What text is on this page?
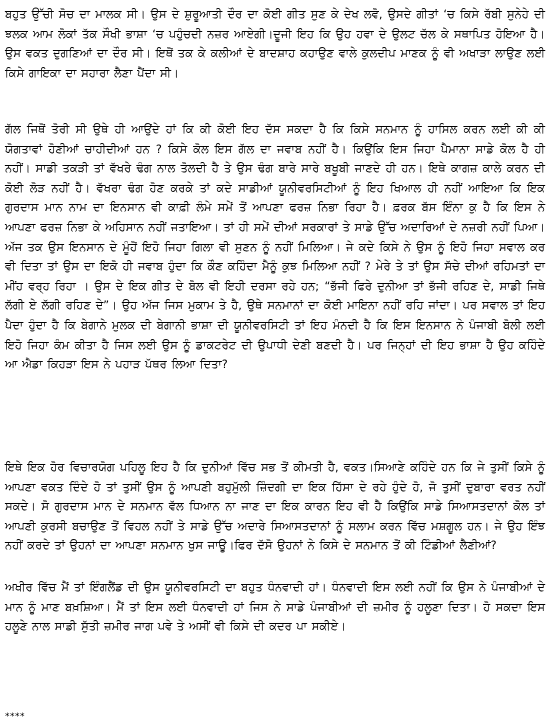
ਬਹੁਤ ਉੱਚੀ ਸੋਚ ਦਾ ਮਾਲਕ ਸੀ। ਉਸ ਦੇ ਸ਼ੁਰੂਆਤੀ ਦੌਰ ਦਾ ਕੋਈ ਗੀਤ ਸੁਣ ਕੇ ਦੇਖ ਲਵੋ, ਉਸਦੇ ਗੀਤਾਂ ‘ਚ ਕਿਸੇ ਰੱਬੀ ਸੁਨੇਹੇ ਦੀ ਝਲਕ ਆਮ ਲੋਕਾਂ ਤੱਕ ਸੌਖੀ ਭਾਸ਼ਾ ‘ਚ ਪਹੁੰਚਦੀ ਨਜ਼ਰ ਆਏਗੀ।ਦੂਜੀ ਇਹ ਕਿ ਉਹ ਹਵਾ ਦੇ ਉਲਟ ਚੱਲ ਕੇ ਸਥਾਪਿਤ ਹੋਇਆ ਹੈ। ਉਸ ਵਕਤ ਦੁਗਣਿਆਂ ਦਾ ਦੌਰ ਸੀ। ਇਥੋਂ ਤਕ ਕੇ ਕਲੀਆਂ ਦੇ ਬਾਦਸ਼ਾਹ ਕਹਾਉਣ ਵਾਲੇ ਕੁਲਦੀਪ ਮਾਣਕ ਨੂੰ ਵੀ ਅਖਾੜਾ ਲਾਉਣ ਲਈ ਕਿਸੇ ਗਾਇਕਾ ਦਾ ਸਹਾਰਾ ਲੈਣਾ ਪੈਂਦਾ ਸੀ।
ਗੱਲ ਜਿਥੋਂ ਤੋਰੀ ਸੀ ਉਥੇ ਹੀ ਆਉਂਦੇ ਹਾਂ ਕਿ ਕੀ ਕੋਈ ਇਹ ਦੱਸ ਸਕਦਾ ਹੈ ਕਿ ਕਿਸੇ ਸਨਮਾਨ ਨੂੰ ਹਾਸਿਲ ਕਰਨ ਲਈ ਕੀ ਕੀ ਯੋਗਤਾਵਾਂ ਹੋਣੀਆਂ ਚਾਹੀਦੀਆਂ ਹਨ ? ਕਿਸੇ ਕੋਲ ਇਸ ਗੱਲ ਦਾ ਜਵਾਬ ਨਹੀਂ ਹੈ। ਕਿਉਂਕਿ ਇਸ ਜਿਹਾ ਪੈਮਾਨਾ ਸਾਡੇ ਕੋਲ ਹੈ ਹੀ ਨਹੀਂ। ਸਾਡੀ ਤਕੜੀ ਤਾਂ ਵੱਖਰੇ ਢੰਗ ਨਾਲ ਤੋਲਦੀ ਹੈ ਤੇ ਉਸ ਢੰਗ ਬਾਰੇ ਸਾਰੇ ਬਖੂਬੀ ਜਾਣਦੇ ਹੀ ਹਨ। ਇਥੇ ਕਾਗਜ਼ ਕਾਲੇ ਕਰਨ ਦੀ ਕੋਈ ਲੋੜ ਨਹੀਂ ਹੈ। ਵੱਖਰਾ ਢੰਗ ਹੋਣ ਕਰਕੇ ਤਾਂ ਕਦੇ ਸਾਡੀਆਂ ਯੂਨੀਵਰਸਿਟੀਆਂ ਨੂੰ ਇਹ ਖਿਆਲ ਹੀ ਨਹੀਂ ਆਇਆ ਕਿ ਇਕ ਗੁਰਦਾਸ ਮਾਨ ਨਾਮ ਦਾ ਇਨਸਾਨ ਵੀ ਕਾਫ਼ੀ ਲੰਮੇ ਸਮੇਂ ਤੋਂ ਆਪਣਾ ਫਰਜ਼ ਨਿਭਾ ਰਿਹਾ ਹੈ। ਫ਼ਰਕ ਬੱਸ ਇੰਨਾ ਕੁ ਹੈ ਕਿ ਇਸ ਨੇ ਆਪਣਾ ਫਰਜ਼ ਨਿਭਾ ਕੇ ਅਹਿਸਾਨ ਨਹੀਂ ਜਤਾਇਆ। ਤਾਂ ਹੀ ਸਮੇਂ ਦੀਆਂ ਸਰਕਾਰਾਂ ਤੇ ਸਾਡੇ ਉੱਚ ਅਦਾਰਿਆਂ ਦੇ ਨਜ਼ਰੀ ਨਹੀਂ ਪਿਆ। ਅੱਜ ਤਕ ਉਸ ਇਨਸਾਨ ਦੇ ਮੂੰਹੋਂ ਇਹੋ ਜਿਹਾ ਗਿਲਾ ਵੀ ਸੁਣਨ ਨੂੰ ਨਹੀਂ ਮਿਲਿਆ। ਜੇ ਕਦੇ ਕਿਸੇ ਨੇ ਉਸ ਨੂੰ ਇਹੋ ਜਿਹਾ ਸਵਾਲ ਕਰ ਵੀ ਦਿਤਾ ਤਾਂ ਉਸ ਦਾ ਇਕੋ ਹੀ ਜਵਾਬ ਹੁੰਦਾ ਕਿ ਕੌਣ ਕਹਿੰਦਾ ਮੈਨੂੰ ਕੁਝ ਮਿਲਿਆ ਨਹੀਂ ? ਮੇਰੇ ਤੇ ਤਾਂ ਉਸ ਸੱਚੇ ਦੀਆਂ ਰਹਿਮਤਾਂ ਦਾ ਮੀਂਹ ਵਰ੍ਹ ਰਿਹਾ । ਉਸ ਦੇ ਇਕ ਗੀਤ ਦੇ ਬੋਲ ਵੀ ਇਹੀ ਦਰਸਾ ਰਹੇ ਹਨ; “ਭੱਜੀ ਫਿਰੇ ਦੁਨੀਆ ਤਾਂ ਭੱਜੀ ਰਹਿਣ ਦੇ, ਸਾਡੀ ਜਿਥੇ ਲੱਗੀ ਏ ਲੱਗੀ ਰਹਿਣ ਦੇ”। ਉਹ ਅੱਜ ਜਿਸ ਮੁਕਾਮ ਤੇ ਹੈ, ਉਥੇ ਸਨਮਾਨਾਂ ਦਾ ਕੋਈ ਮਾਇਨਾ ਨਹੀਂ ਰਹਿ ਜਾਂਦਾ। ਪਰ ਸਵਾਲ ਤਾਂ ਇਹ ਪੈਦਾ ਹੁੰਦਾ ਹੈ ਕਿ ਬੇਗਾਨੇ ਮੁਲਕ ਦੀ ਬੇਗਾਨੀ ਭਾਸ਼ਾ ਦੀ ਯੂਨੀਵਰਸਿਟੀ ਤਾਂ ਇਹ ਮੰਨਦੀ ਹੈ ਕਿ ਇਸ ਇਨਸਾਨ ਨੇ ਪੰਜਾਬੀ ਬੋਲੀ ਲਈ ਇਹੋ ਜਿਹਾ ਕੰਮ ਕੀਤਾ ਹੈ ਜਿਸ ਲਈ ਉਸ ਨੂੰ ਡਾਕਟਰੇਟ ਦੀ ਉਪਾਧੀ ਦੇਣੀ ਬਣਦੀ ਹੈ। ਪਰ ਜਿਨ੍ਹਾਂ ਦੀ ਇਹ ਭਾਸ਼ਾ ਹੈ ਉਹ ਕਹਿੰਦੇ ਆ ਐਡਾ ਕਿਹੜਾ ਇਸ ਨੇ ਪਹਾੜ ਪੱਥਰ ਲਿਆ ਦਿਤਾ?
ਇਥੇ ਇਕ ਹੋਰ ਵਿਚਾਰਯੋਗ ਪਹਿਲੂ ਇਹ ਹੈ ਕਿ ਦੁਨੀਆਂ ਵਿੱਚ ਸਭ ਤੋਂ ਕੀਮਤੀ ਹੈ, ਵਕਤ।ਸਿਆਣੇ ਕਹਿੰਦੇ ਹਨ ਕਿ ਜੇ ਤੁਸੀਂ ਕਿਸੇ ਨੂੰ ਆਪਣਾ ਵਕਤ ਦਿੰਦੇ ਹੋ ਤਾਂ ਤੁਸੀਂ ਉਸ ਨੂੰ ਆਪਣੀ ਬਹੁਮੁੱਲੀ ਜ਼ਿੰਦਗੀ ਦਾ ਇਕ ਹਿੱਸਾ ਦੇ ਰਹੇ ਹੁੰਦੇ ਹੋ, ਜੋ ਤੁਸੀਂ ਦੁਬਾਰਾ ਵਰਤ ਨਹੀਂ ਸਕਦੇ। ਸੋ ਗੁਰਦਾਸ ਮਾਨ ਦੇ ਸਨਮਾਨ ਵੱਲ ਧਿਆਨ ਨਾ ਜਾਣ ਦਾ ਇਕ ਕਾਰਨ ਇਹ ਵੀ ਹੈ ਕਿਉਂਕਿ ਸਾਡੇ ਸਿਆਸਤਦਾਨਾਂ ਕੋਲ ਤਾਂ ਆਪਣੀ ਕੁਰਸੀ ਬਚਾਉਣ ਤੋਂ ਵਿਹਲ ਨਹੀਂ ਤੇ ਸਾਡੇ ਉੱਚ ਅਦਾਰੇ ਸਿਆਸਤਦਾਨਾਂ ਨੂੰ ਸਲਾਮ ਕਰਨ ਵਿੱਚ ਮਸ਼ਗੂਲ ਹਨ। ਜੇ ਉਹ ਇੰਝ ਨਹੀਂ ਕਰਦੇ ਤਾਂ ਉਹਨਾਂ ਦਾ ਆਪਣਾ ਸਨਮਾਨ ਖੁਸ ਜਾਊ।ਫਿਰ ਦੱਸੋ ਉਹਨਾਂ ਨੇ ਕਿਸੇ ਦੇ ਸਨਮਾਨ ਤੋਂ ਕੀ ਟਿੰਡੀਆਂ ਲੈਣੀਆਂ?
ਅਖੀਰ ਵਿੱਚ ਮੈਂ ਤਾਂ ਇੰਗਲੈਂਡ ਦੀ ਉਸ ਯੂਨੀਵਰਸਿਟੀ ਦਾ ਬਹੁਤ ਧੰਨਵਾਦੀ ਹਾਂ। ਧੰਨਵਾਦੀ ਇਸ ਲਈ ਨਹੀਂ ਕਿ ਉਸ ਨੇ ਪੰਜਾਬੀਆਂ ਦੇ ਮਾਨ ਨੂੰ ਮਾਣ ਬਖ਼ਸ਼ਿਆ। ਮੈਂ ਤਾਂ ਇਸ ਲਈ ਧੰਨਵਾਦੀ ਹਾਂ ਜਿਸ ਨੇ ਸਾਡੇ ਪੰਜਾਬੀਆਂ ਦੀ ਜ਼ਮੀਰ ਨੂੰ ਹਲੂਣਾ ਦਿਤਾ। ਹੋ ਸਕਦਾ ਇਸ ਹਲੂਣੇ ਨਾਲ ਸਾਡੀ ਸੁੱਤੀ ਜ਼ਮੀਰ ਜਾਗ ਪਵੇ ਤੇ ਅਸੀਂ ਵੀ ਕਿਸੇ ਦੀ ਕਦਰ ਪਾ ਸਕੀਏ।
****
